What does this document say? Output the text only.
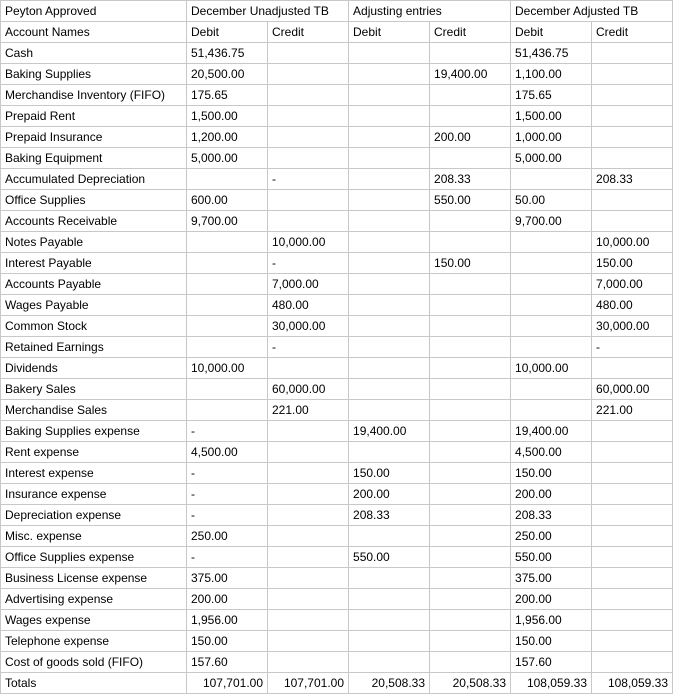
Peyton Approved	December Unadjusted TB		Adjusting entries		December Adjusted TB	
Account Names	Debit	Credit	Debit	Credit	Debit	Credit
Cash	51,436.75				51,436.75	
Baking Supplies	20,500.00			19,400.00	1,100.00	
Merchandise Inventory (FIFO)	175.65				175.65	
Prepaid Rent	1,500.00				1,500.00	
Prepaid Insurance	1,200.00			200.00	1,000.00	
Baking Equipment	5,000.00				5,000.00	
Accumulated Depreciation		-		208.33		208.33
Office Supplies	600.00			550.00	50.00	
Accounts Receivable	9,700.00				9,700.00	
Notes Payable		10,000.00				10,000.00
Interest Payable		-		150.00		150.00
Accounts Payable		7,000.00				7,000.00
Wages Payable		480.00				480.00
Common Stock		30,000.00				30,000.00
Retained Earnings		-				-
Dividends	10,000.00				10,000.00	
Bakery Sales		60,000.00				60,000.00
Merchandise Sales		221.00				221.00
Baking Supplies expense	-		19,400.00		19,400.00	
Rent expense	4,500.00				4,500.00	
Interest expense	-		150.00		150.00	
Insurance expense	-		200.00		200.00	
Depreciation expense	-		208.33		208.33	
Misc. expense	250.00				250.00	
Office Supplies expense	-		550.00		550.00	
Business License expense	375.00				375.00	
Advertising expense	200.00				200.00	
Wages expense	1,956.00				1,956.00	
Telephone expense	150.00				150.00	
Cost of goods sold (FIFO)	157.60				157.60	
Totals	107,701.00	107,701.00	20,508.33	20,508.33	108,059.33	108,059.33
